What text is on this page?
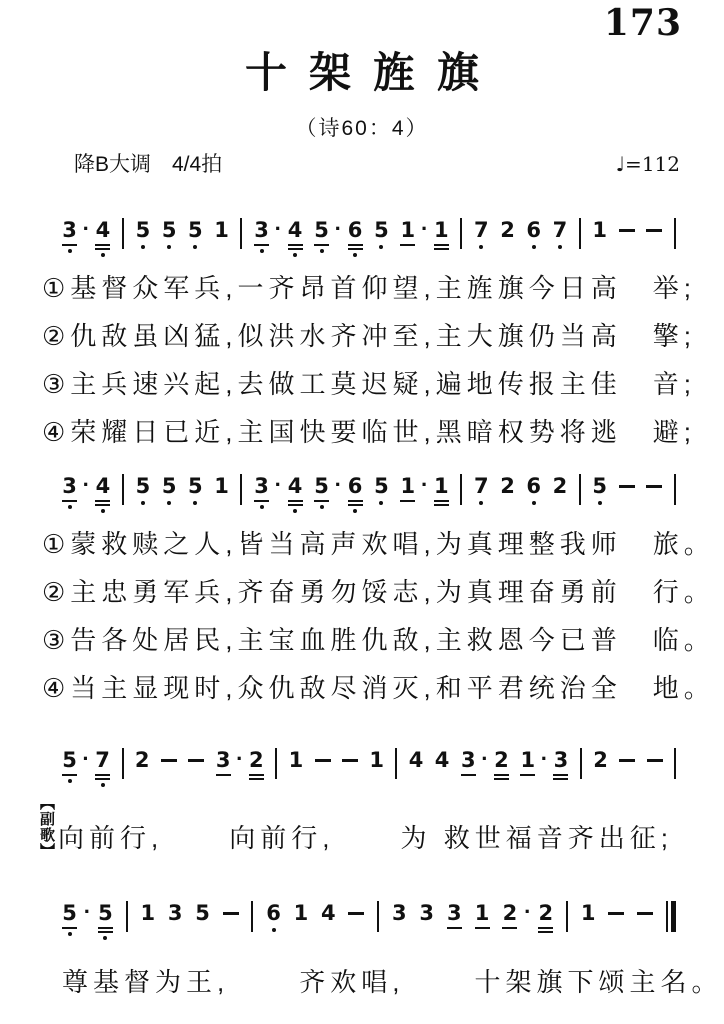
173
十架旌旗
（诗60：4）
降B大调　4/4拍	♩=112
3 · 4 5 5 5 1 3 · 4 5 · 6 5 1 · 1 7 2 6 7 1
①基督众军兵,一齐昂首仰望,主旌旗今日高　举;
②仇敌虽凶猛,似洪水齐冲至,主大旗仍当高　擎;
③主兵速兴起,去做工莫迟疑,遍地传报主佳　音;
④荣耀日已近,主国快要临世,黑暗权势将逃　避;
3 · 4 5 5 5 1 3 · 4 5 · 6 5 1 · 1 7 2 6 2 5
①蒙救赎之人,皆当高声欢唱,为真理整我师　旅。
②主忠勇军兵,齐奋勇勿馁志,为真理奋勇前　行。
③告各处居民,主宝血胜仇敌,主救恩今已普　临。
④当主显现时,众仇敌尽消灭,和平君统治全　地。
5 · 7 2	3 · 2 1	1 4 4 3 · 2 1 · 3 2
【副歌】 向前行,	向前行,	为 救世福音齐出征;
5 · 5 1 3 5	6 1 4	3 3 3 1 2 · 2 1
尊基督为王,	齐欢唱,	十架旗下颂主名。
